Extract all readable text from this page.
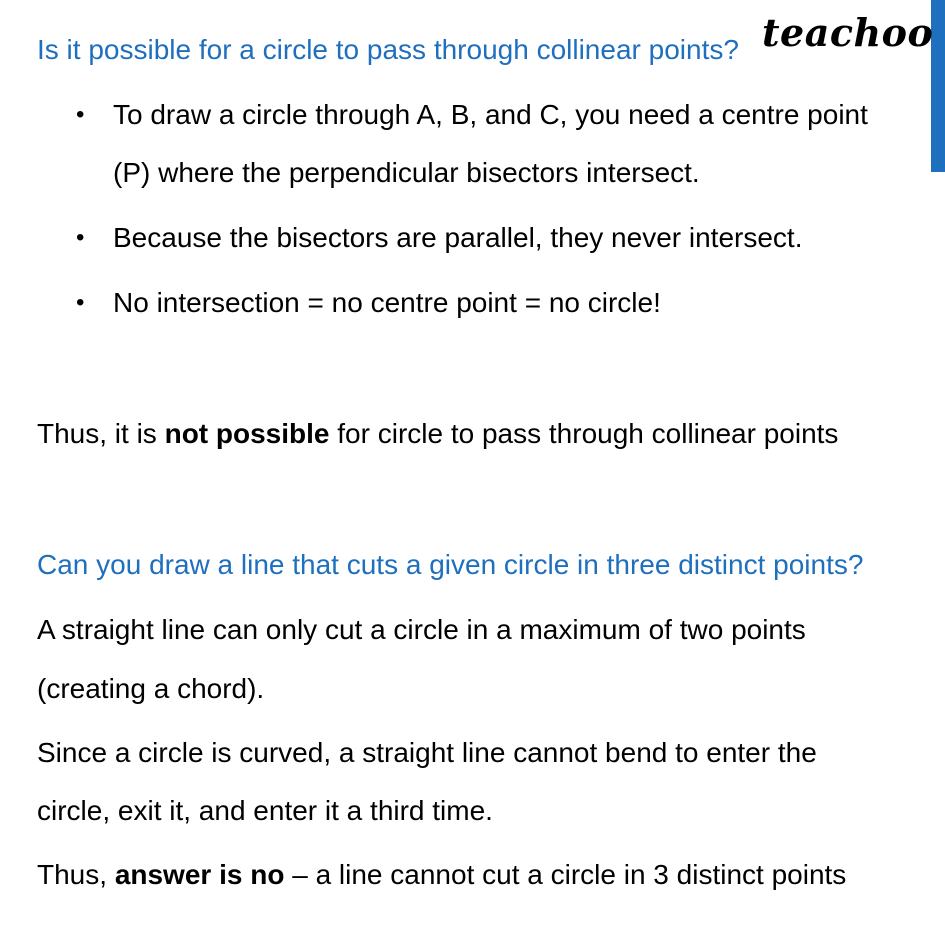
teachoo
Is it possible for a circle to pass through collinear points?
• To draw a circle through A, B, and C, you need a centre point
(P) where the perpendicular bisectors intersect.
• Because the bisectors are parallel, they never intersect.
• No intersection = no centre point = no circle!
Thus, it is not possible for circle to pass through collinear points
Can you draw a line that cuts a given circle in three distinct points?
A straight line can only cut a circle in a maximum of two points
(creating a chord).
Since a circle is curved, a straight line cannot bend to enter the
circle, exit it, and enter it a third time.
Thus, answer is no – a line cannot cut a circle in 3 distinct points
